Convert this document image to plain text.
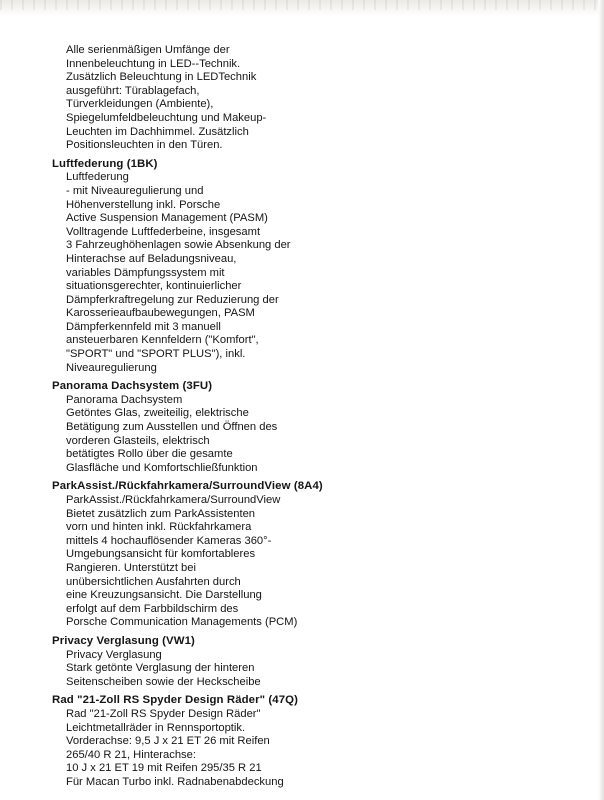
Alle serienmäßigen Umfänge der
Innenbeleuchtung in LED--Technik.
Zusätzlich Beleuchtung in LEDTechnik
ausgeführt: Türablagefach,
Türverkleidungen (Ambiente),
Spiegelumfeldbeleuchtung und Makeup-
Leuchten im Dachhimmel. Zusätzlich
Positionsleuchten in den Türen.
Luftfederung (1BK)
Luftfederung
- mit Niveauregulierung und
Höhenverstellung inkl. Porsche
Active Suspension Management (PASM)
Volltragende Luftfederbeine, insgesamt
3 Fahrzeughöhenlagen sowie Absenkung der
Hinterachse auf Beladungsniveau,
variables Dämpfungssystem mit
situationsgerechter, kontinuierlicher
Dämpferkraftregelung zur Reduzierung der
Karosserieaufbaubewegungen, PASM
Dämpferkennfeld mit 3 manuell
ansteuerbaren Kennfeldern ("Komfort",
"SPORT" und "SPORT PLUS"), inkl.
Niveauregulierung
Panorama Dachsystem (3FU)
Panorama Dachsystem
Getöntes Glas, zweiteilig, elektrische
Betätigung zum Ausstellen und Öffnen des
vorderen Glasteils, elektrisch
betätigtes Rollo über die gesamte
Glasfläche und Komfortschließfunktion
ParkAssist./Rückfahrkamera/SurroundView (8A4)
ParkAssist./Rückfahrkamera/SurroundView
Bietet zusätzlich zum ParkAssistenten
vorn und hinten inkl. Rückfahrkamera
mittels 4 hochauflösender Kameras 360°-
Umgebungsansicht für komfortableres
Rangieren. Unterstützt bei
unübersichtlichen Ausfahrten durch
eine Kreuzungsansicht. Die Darstellung
erfolgt auf dem Farbbildschirm des
Porsche Communication Managements (PCM)
Privacy Verglasung (VW1)
Privacy Verglasung
Stark getönte Verglasung der hinteren
Seitenscheiben sowie der Heckscheibe
Rad "21-Zoll RS Spyder Design Räder" (47Q)
Rad "21-Zoll RS Spyder Design Räder"
Leichtmetallräder in Rennsportoptik.
Vorderachse: 9,5 J x 21 ET 26 mit Reifen
265/40 R 21, Hinterachse:
10 J x 21 ET 19 mit Reifen 295/35 R 21
Für Macan Turbo inkl. Radnabenabdeckung
